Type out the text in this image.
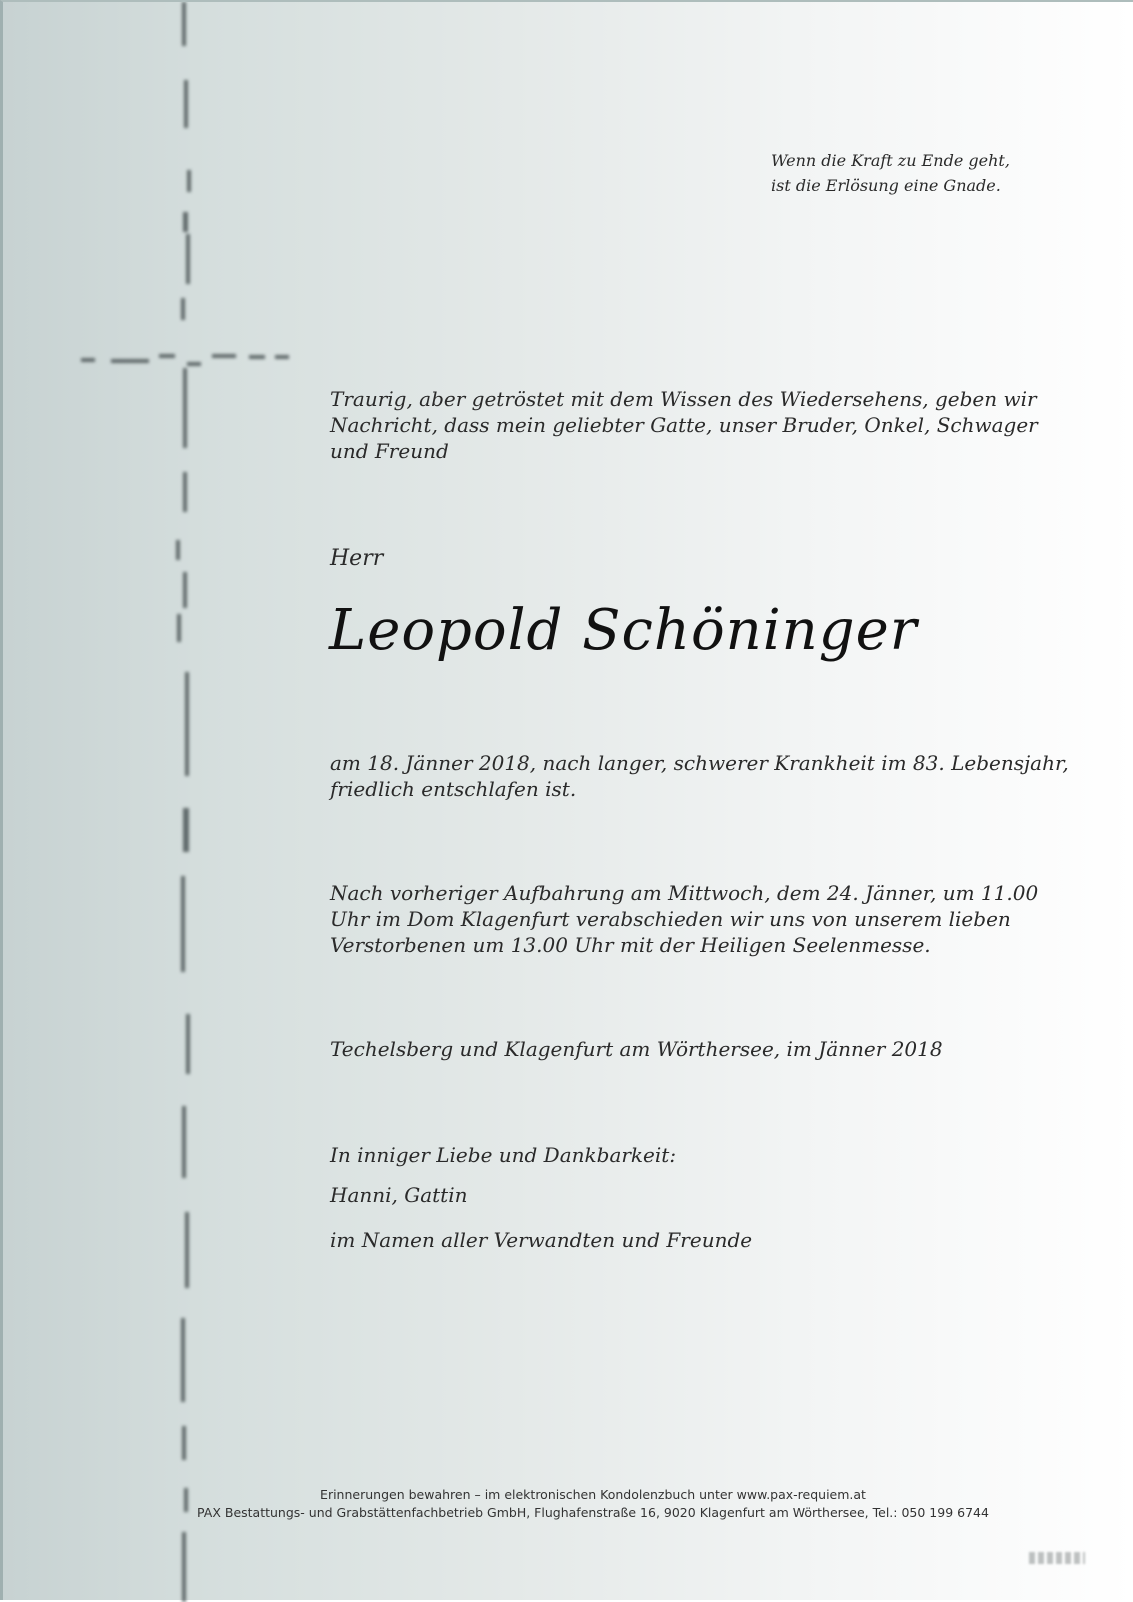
Wenn die Kraft zu Ende geht,
ist die Erlösung eine Gnade.
Traurig, aber getröstet mit dem Wissen des Wiedersehens, geben wir Nachricht, dass mein geliebter Gatte, unser Bruder, Onkel, Schwager und Freund
Herr
Leopold Schöninger
am 18. Jänner 2018, nach langer, schwerer Krankheit im 83. Lebensjahr, friedlich entschlafen ist.
Nach vorheriger Aufbahrung am Mittwoch, dem 24. Jänner, um 11.00 Uhr im Dom Klagenfurt verabschieden wir uns von unserem lieben Verstorbenen um 13.00 Uhr mit der Heiligen Seelenmesse.
Techelsberg und Klagenfurt am Wörthersee, im Jänner 2018
In inniger Liebe und Dankbarkeit:
Hanni, Gattin
im Namen aller Verwandten und Freunde
Erinnerungen bewahren – im elektronischen Kondolenzbuch unter www.pax-requiem.at
PAX Bestattungs- und Grabstättenfachbetrieb GmbH, Flughafenstraße 16, 9020 Klagenfurt am Wörthersee, Tel.: 050 199 6744
